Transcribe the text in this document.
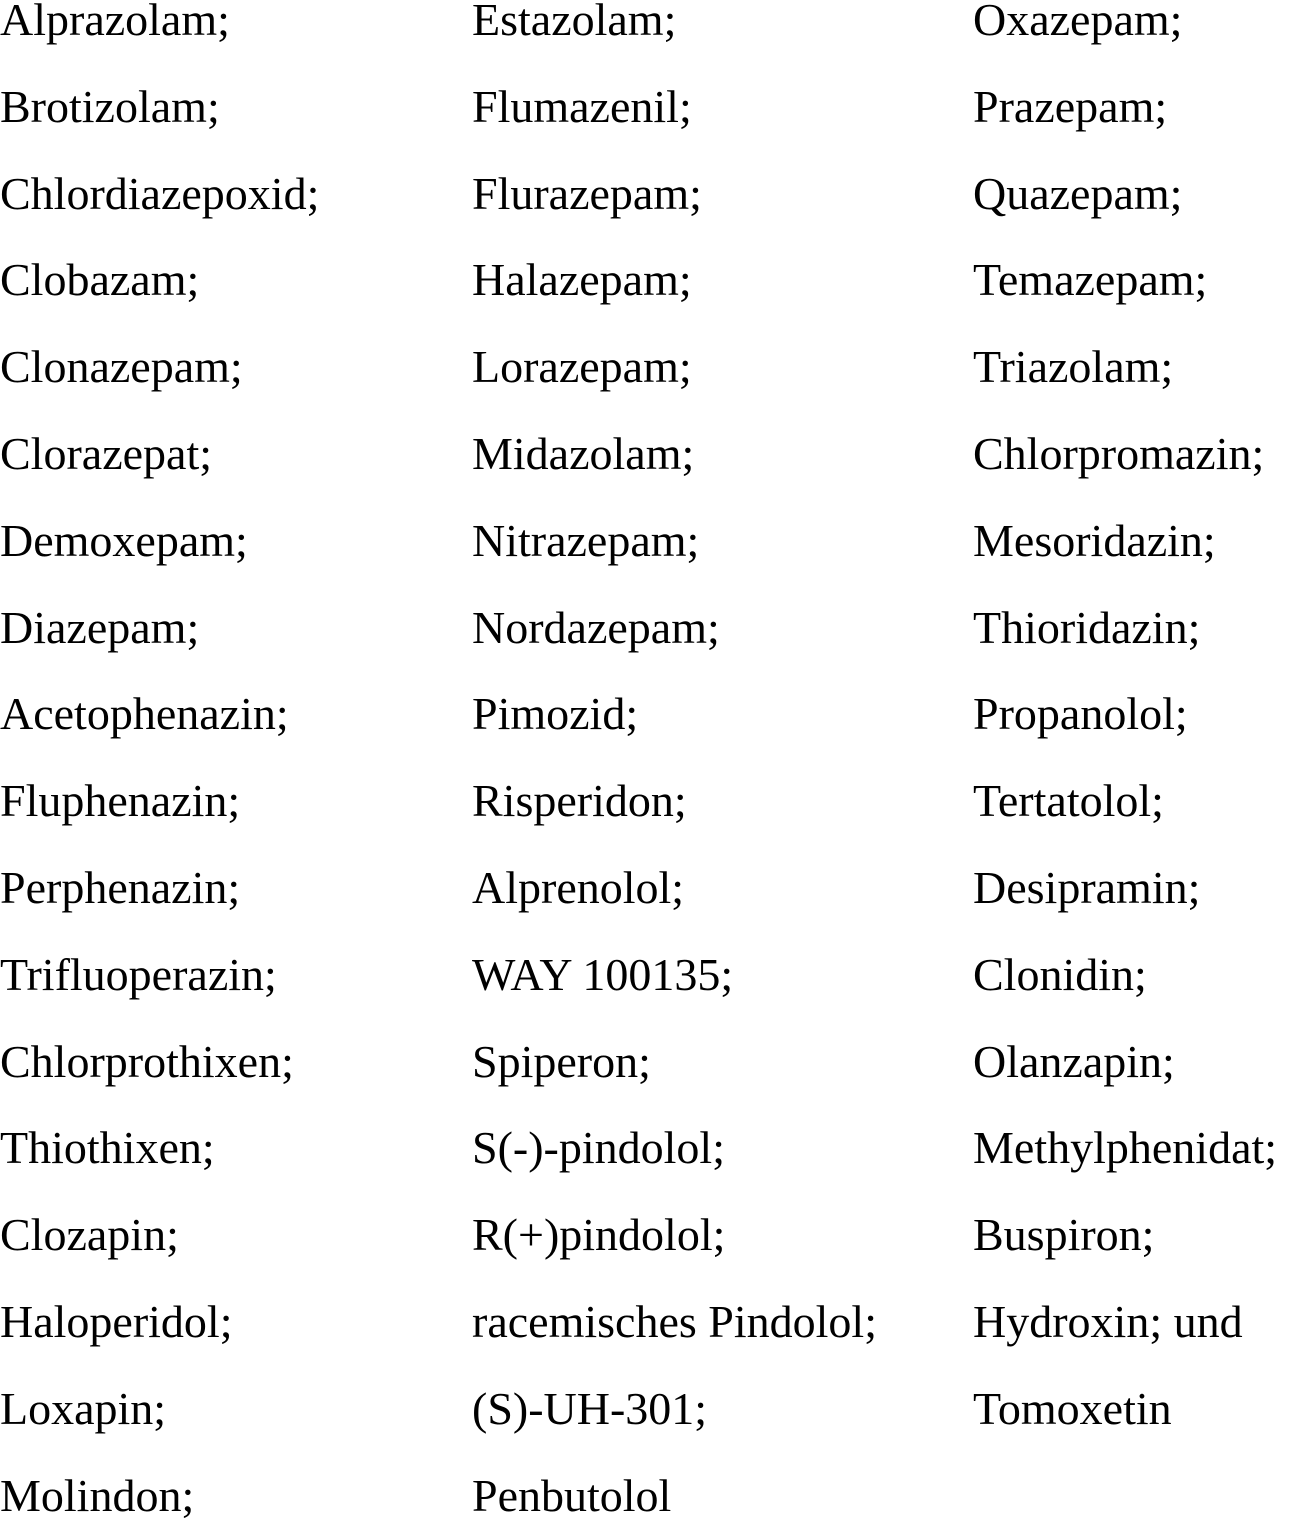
Alprazolam;
Brotizolam;
Chlordiazepoxid;
Clobazam;
Clonazepam;
Clorazepat;
Demoxepam;
Diazepam;
Acetophenazin;
Fluphenazin;
Perphenazin;
Trifluoperazin;
Chlorprothixen;
Thiothixen;
Clozapin;
Haloperidol;
Loxapin;
Molindon;
Estazolam;
Flumazenil;
Flurazepam;
Halazepam;
Lorazepam;
Midazolam;
Nitrazepam;
Nordazepam;
Pimozid;
Risperidon;
Alprenolol;
WAY 100135;
Spiperon;
S(-)-pindolol;
R(+)pindolol;
racemisches Pindolol;
(S)-UH-301;
Penbutolol
Oxazepam;
Prazepam;
Quazepam;
Temazepam;
Triazolam;
Chlorpromazin;
Mesoridazin;
Thioridazin;
Propanolol;
Tertatolol;
Desipramin;
Clonidin;
Olanzapin;
Methylphenidat;
Buspiron;
Hydroxin; und
Tomoxetin
